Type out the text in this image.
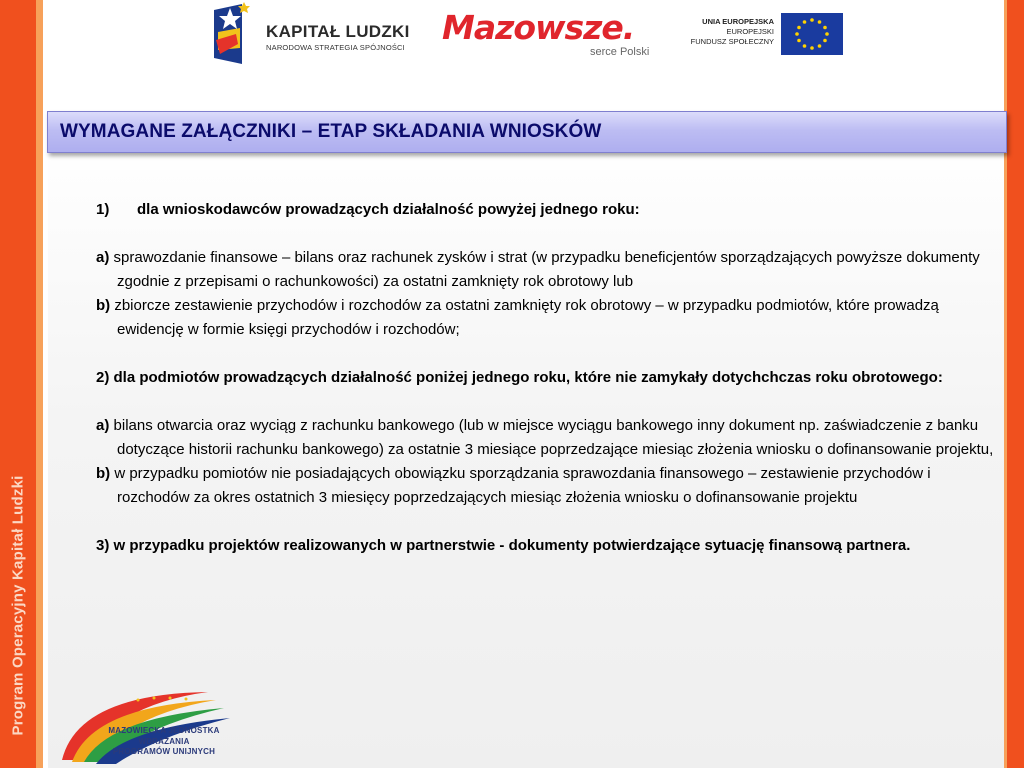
Program Operacyjny Kapitał Ludzki
KAPITAŁ LUDZKI
NARODOWA STRATEGIA SPÓJNOŚCI
Mazowsze.
serce Polski
UNIA EUROPEJSKA
EUROPEJSKI
FUNDUSZ SPOŁECZNY
WYMAGANE ZAŁĄCZNIKI – ETAP SKŁADANIA WNIOSKÓW

1) dla wnioskodawców prowadzących działalność powyżej jednego roku:

a) sprawozdanie finansowe – bilans oraz rachunek zysków i strat (w przypadku beneficjentów sporządzających powyższe dokumenty zgodnie z przepisami o rachunkowości) za ostatni zamknięty rok obrotowy lub

b) zbiorcze zestawienie przychodów i rozchodów za ostatni zamknięty rok obrotowy – w przypadku podmiotów, które prowadzą ewidencję w formie księgi przychodów i rozchodów;

2) dla podmiotów prowadzących działalność poniżej jednego roku, które nie zamykały dotychchczas roku obrotowego:

a) bilans otwarcia oraz wyciąg z rachunku bankowego (lub w miejsce wyciągu bankowego inny dokument np. zaświadczenie z banku dotyczące historii rachunku bankowego) za ostatnie 3 miesiące poprzedzające miesiąc złożenia wniosku o dofinansowanie projektu,

b) w przypadku pomiotów nie posiadających obowiązku sporządzania sprawozdania finansowego – zestawienie przychodów i rozchodów za okres ostatnich 3 miesięcy poprzedzających miesiąc złożenia wniosku o dofinansowanie projektu

3) w przypadku projektów realizowanych w partnerstwie - dokumenty potwierdzające sytuację finansową partnera.

MAZOWIECKA JEDNOSTKA
WDRAŻANIA
PROGRAMÓW UNIJNYCH
